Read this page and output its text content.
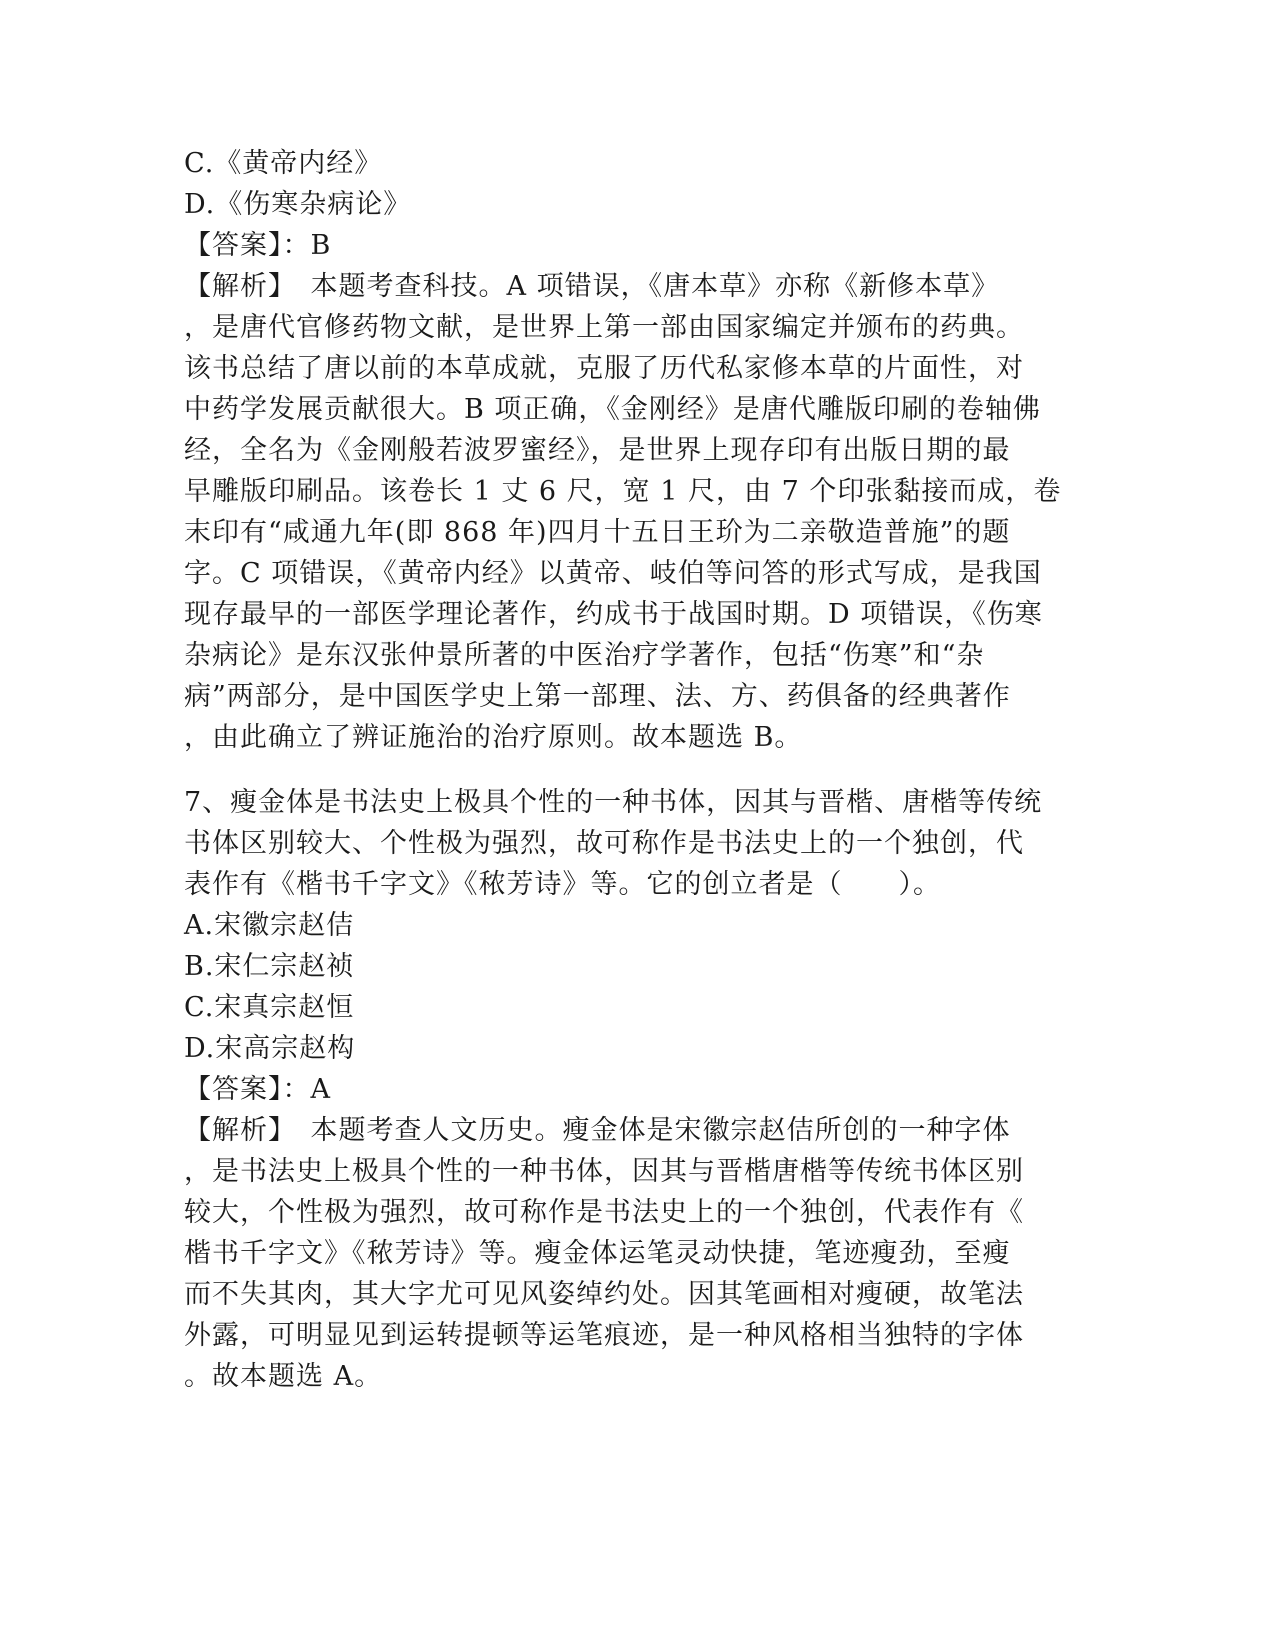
C.《黄帝内经》
D.《伤寒杂病论》
【答案】：B
【解析】　本题考查科技。A 项错误，《唐本草》亦称《新修本草》
，是唐代官修药物文献，是世界上第一部由国家编定并颁布的药典。
该书总结了唐以前的本草成就，克服了历代私家修本草的片面性，对
中药学发展贡献很大。B 项正确，《金刚经》是唐代雕版印刷的卷轴佛
经，全名为《金刚般若波罗蜜经》，是世界上现存印有出版日期的最
早雕版印刷品。该卷长 1 丈 6 尺，宽 1 尺，由 7 个印张黏接而成，卷
末印有“咸通九年(即 868 年)四月十五日王玠为二亲敬造普施”的题
字。C 项错误，《黄帝内经》以黄帝、岐伯等问答的形式写成，是我国
现存最早的一部医学理论著作，约成书于战国时期。D 项错误，《伤寒
杂病论》是东汉张仲景所著的中医治疗学著作，包括“伤寒”和“杂
病”两部分，是中国医学史上第一部理、法、方、药俱备的经典著作
，由此确立了辨证施治的治疗原则。故本题选 B。
7、瘦金体是书法史上极具个性的一种书体，因其与晋楷、唐楷等传统
书体区别较大、个性极为强烈，故可称作是书法史上的一个独创，代
表作有《楷书千字文》《秾芳诗》等。它的创立者是（　　）。
A.宋徽宗赵佶
B.宋仁宗赵祯
C.宋真宗赵恒
D.宋高宗赵构
【答案】：A
【解析】　本题考查人文历史。瘦金体是宋徽宗赵佶所创的一种字体
，是书法史上极具个性的一种书体，因其与晋楷唐楷等传统书体区别
较大，个性极为强烈，故可称作是书法史上的一个独创，代表作有《
楷书千字文》《秾芳诗》等。瘦金体运笔灵动快捷，笔迹瘦劲，至瘦
而不失其肉，其大字尤可见风姿绰约处。因其笔画相对瘦硬，故笔法
外露，可明显见到运转提顿等运笔痕迹，是一种风格相当独特的字体
。故本题选 A。
